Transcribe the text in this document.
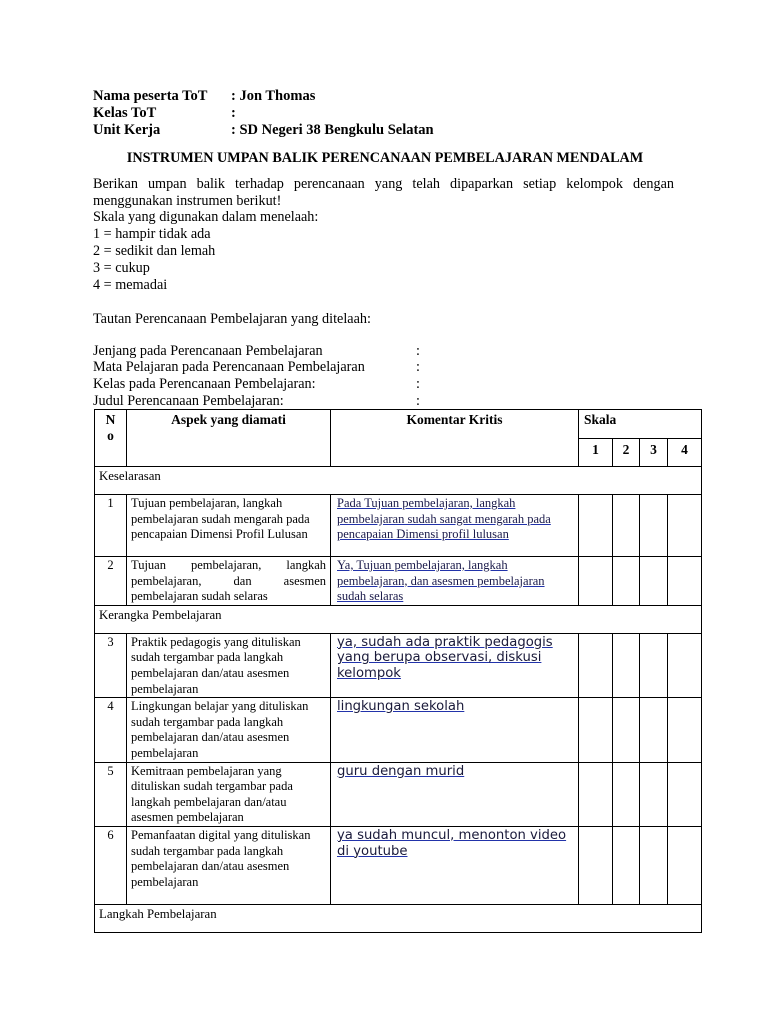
Nama peserta ToT : Jon Thomas
Kelas ToT	:
Unit Kerja	: SD Negeri 38 Bengkulu Selatan
INSTRUMEN UMPAN BALIK PERENCANAAN PEMBELAJARAN MENDALAM
Berikan umpan balik terhadap perencanaan yang telah dipaparkan setiap kelompok dengan menggunakan instrumen berikut!
Skala yang digunakan dalam menelaah:
1 = hampir tidak ada
2 = sedikit dan lemah
3 = cukup
4 = memadai
Tautan Perencanaan Pembelajaran yang ditelaah:
Jenjang pada Perencanaan Pembelajaran	:
Mata Pelajaran pada Perencanaan Pembelajaran	:
Kelas pada Perencanaan Pembelajaran:	:
Judul Perencanaan Pembelajaran:	:
N
o	Aspek yang diamati	Komentar Kritis	Skala			
			1	2	3	4
Keselarasan						
1	Tujuan pembelajaran, langkah pembelajaran sudah mengarah pada pencapaian Dimensi Profil Lulusan	Pada Tujuan pembelajaran, langkah pembelajaran sudah sangat mengarah pada pencapaian Dimensi profil lulusan				
2	Tujuan pembelajaran, langkah pembelajaran, dan asesmen pembelajaran sudah selaras	Ya, Tujuan pembelajaran, langkah pembelajaran, dan asesmen pembelajaran sudah selaras				
Kerangka Pembelajaran						
3	Praktik pedagogis yang dituliskan sudah tergambar pada langkah pembelajaran dan/atau asesmen pembelajaran	ya, sudah ada praktik pedagogis yang berupa observasi, diskusi kelompok				
4	Lingkungan belajar yang dituliskan sudah tergambar pada langkah pembelajaran dan/atau asesmen pembelajaran	lingkungan sekolah				
5	Kemitraan pembelajaran yang dituliskan sudah tergambar pada langkah pembelajaran dan/atau asesmen pembelajaran	guru dengan murid				
6	Pemanfaatan digital yang dituliskan sudah tergambar pada langkah pembelajaran dan/atau asesmen pembelajaran	ya sudah muncul, menonton video di youtube				
Langkah Pembelajaran						
